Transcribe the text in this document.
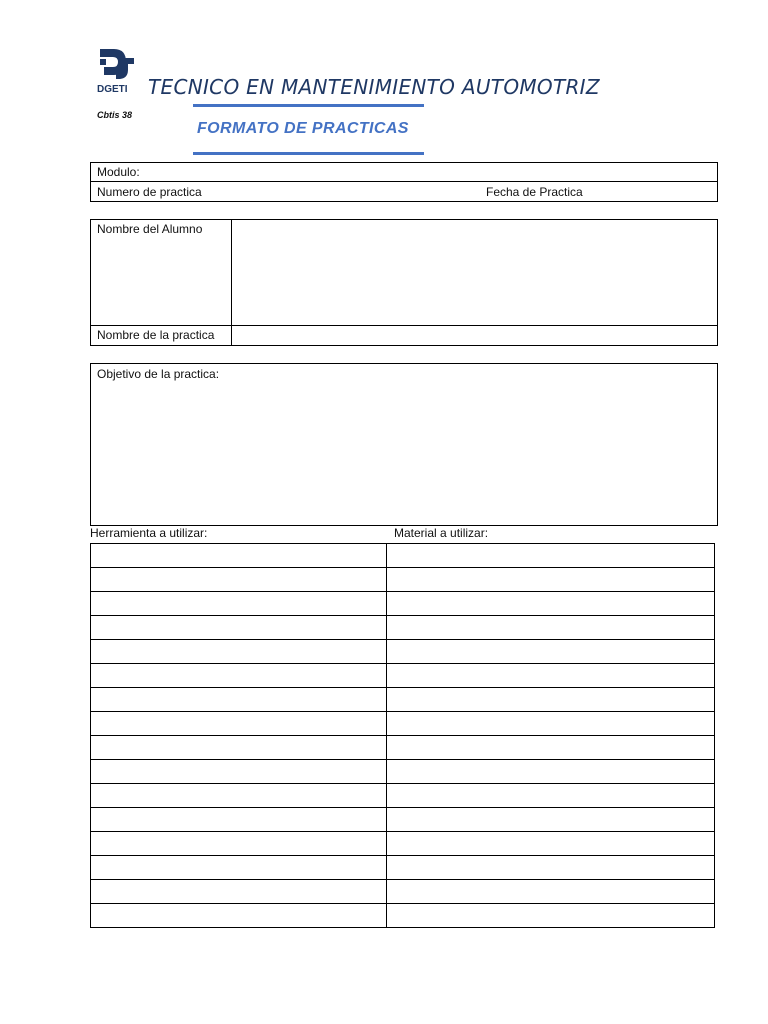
DGETI TECNICO EN MANTENIMIENTO AUTOMOTRIZ
Cbtis 38
FORMATO DE PRACTICAS
Modulo:
Numero de practica	Fecha de Practica
Nombre del Alumno
Nombre de la practica
Objetivo de la practica:
Herramienta a utilizar:	Material a utilizar:
